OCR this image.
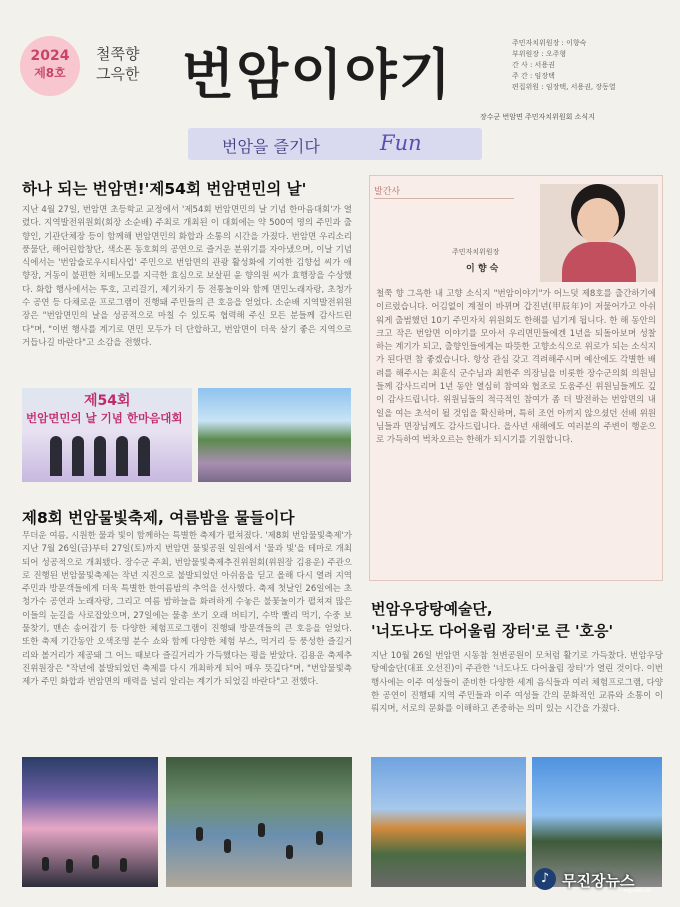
2024
제8호
철쭉향
그윽한 번암이야기	주민자치위원장 : 이향숙
부위원장 : 오주형
간 사 : 서용권
주 간 : 임장택
편집위원 : 임장택, 서용권, 장동열
장수군 번암면 주민자치위원회 소식지
번암을 즐기다	Fun
하나 되는 번암면!'제54회 번암면민의 날'
지난 4월 27일, 번암면 초등학교 교정에서 '제54회 번암면민의 날 기념 한마음대회'가 열렸다. 지역발전위원회(회장 소순배) 주최로 개최된 이 대회에는 약 500여 명의 주민과 출향인, 기관단체장 등이 함께해 번암면민의 화합과 소통의 시간을 가졌다. 번암면 우리소리 풍물단, 해어린합창단, 색소폰 동호회의 공연으로 즐거운 분위기를 자아냈으며, 이날 기념식에서는 '번암술로우시티사업' 주민으로 번암면의 관광 활성화에 기여한 김향섭 씨가 애향장, 거동이 불편한 치매노모를 지극한 효심으로 보살핀 윤 향의원 씨가 효행장을 수상했다. 화합 행사에서는 투호, 고리걸기, 제기차기 등 전통놀이와 함께 면민노래자랑, 초청가수 공연 등 다채로운 프로그램이 진행돼 주민들의 큰 호응을 얻었다. 소순배 지역발전위원장은 "번암면민의 날을 성공적으로 마칠 수 있도록 협력해 주신 모든 분들께 감사드린다"며, "이번 행사를 계기로 면민 모두가 더 단합하고, 번암면이 더욱 살기 좋은 지역으로 거듭나길 바란다"고 소감을 전했다.
제54회
번암면민의 날 기념 한마음대회
제8회 번암물빛축제, 여름밤을 물들이다
무더운 여름, 시원한 물과 빛이 함께하는 특별한 축제가 펼쳐졌다. '제8회 번암물빛축제'가 지난 7월 26일(금)부터 27일(토)까지 번암면 물빛공원 일원에서 '물과 빛'을 테마로 개최되어 성공적으로 개최됐다. 장수군 주최, 번암물빛축제추진위원회(위원장 김용운) 주관으로 진행된 번암물빛축제는 작년 지진으로 불발되었던 아쉬움을 딛고 올해 다시 열려 지역 주민과 방문객들에게 더욱 특별한 한여름밤의 추억을 선사했다. 축제 첫날인 26일에는 초청가수 공연과 노래자랑, 그리고 여름 밤하늘을 화려하게 수놓은 불꽃놀이가 펼쳐져 많은 이들의 눈길을 사로잡았으며, 27일에는 물총 쏘기 오래 버티기, 수박 빨리 먹기, 수중 보물찾기, 맨손 송어잡기 등 다양한 체험프로그램이 진행돼 방문객들의 큰 호응을 얻었다. 또한 축제 기간동안 오색조명 분수 쇼와 함께 다양한 체험 부스, 먹거리 등 풍성한 즐길거리와 볼거리가 제공돼 그 어느 때보다 즐길거리가 가득했다는 평을 받았다. 김용운 축제추진위원장은 "작년에 불발되었던 축제를 다시 개최하게 되어 매우 뜻깊다"며, "번암물빛축제가 주민 화합과 번암면의 매력을 널리 알리는 계기가 되었길 바란다"고 전했다.
발간사
주민자치위원장
이 향 숙
철쭉 향 그윽한 내 고향 소식지 "번암이야기"가 어느덧 제8호를 출간하기에 이르렀습니다. 어김없이 계절이 바뀌며 갑진년(甲辰年)이 저물어가고 아쉬워게 출범했던 10기 주민자치 위원회도 한해를 넘기게 됩니다. 한 해 동안의 크고 작은 번암면 이야기를 모아서 우리면민들에겐 1년을 되돌아보며 성찰하는 계기가 되고, 출향인들에게는 따뜻한 고향소식으로 위로가 되는 소식지가 된다면 참 좋겠습니다. 항상 관심 갖고 격려해주시며 예산에도 각별한 배려를 해주시는 최훈식 군수님과 최한주 의장님을 비롯한 장수군의회 의원님들께 감사드리며 1년 동안 열심히 참여와 협조로 도움주신 위원님들께도 깊이 감사드립니다. 위원님들의 적극적인 참여가 좀 더 발전하는 번암면의 내일을 여는 초석이 될 것임을 확신하며, 특히 조언 아끼지 않으셨던 선배 위원님들과 면장님께도 감사드립니다. 을사년 새해에도 여러분의 주변이 행운으로 가득하여 벅차오르는 한해가 되시기를 기원합니다.
번암우당탕예술단,
'너도나도 다어울림 장터'로 큰 '호응'
지난 10월 26일 번암면 시동참 천변공원이 모처럼 활기로 가득찼다. 번암우당탕예술단(대표 오선진)이 주관한 '너도나도 다어울림 장터'가 열린 것이다. 이번 행사에는 이주 여성들이 준비한 다양한 세계 음식들과 여러 체험프로그램, 다양한 공연이 진행돼 지역 주민들과 이주 여성들 간의 문화적인 교류와 소통이 이뤄지며, 서로의 문화를 이해하고 존중하는 의미 있는 시간을 가졌다.
♪ 무진장뉴스
mjjnews.kr
